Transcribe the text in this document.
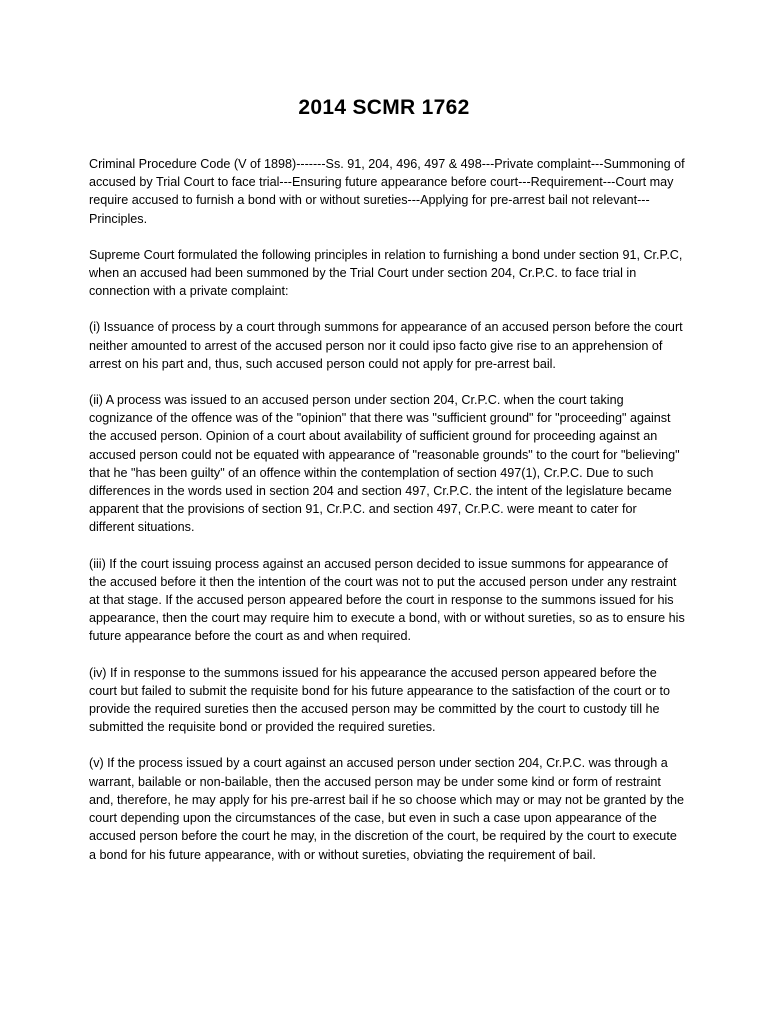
2014 SCMR 1762

Criminal Procedure Code (V of 1898)-------Ss. 91, 204, 496, 497 & 498---Private complaint---Summoning of accused by Trial Court to face trial---Ensuring future appearance before court---Requirement---Court may require accused to furnish a bond with or without sureties---Applying for pre-arrest bail not relevant---Principles.

Supreme Court formulated the following principles in relation to furnishing a bond under section 91, Cr.P.C, when an accused had been summoned by the Trial Court under section 204, Cr.P.C. to face trial in connection with a private complaint:

(i) Issuance of process by a court through summons for appearance of an accused person before the court neither amounted to arrest of the accused person nor it could ipso facto give rise to an apprehension of arrest on his part and, thus, such accused person could not apply for pre-arrest bail.

(ii) A process was issued to an accused person under section 204, Cr.P.C. when the court taking cognizance of the offence was of the "opinion" that there was "sufficient ground" for "proceeding" against the accused person. Opinion of a court about availability of sufficient ground for proceeding against an accused person could not be equated with appearance of "reasonable grounds" to the court for "believing" that he "has been guilty" of an offence within the contemplation of section 497(1), Cr.P.C. Due to such differences in the words used in section 204 and section 497, Cr.P.C. the intent of the legislature became apparent that the provisions of section 91, Cr.P.C. and section 497, Cr.P.C. were meant to cater for different situations.

(iii) If the court issuing process against an accused person decided to issue summons for appearance of the accused before it then the intention of the court was not to put the accused person under any restraint at that stage. If the accused person appeared before the court in response to the summons issued for his appearance, then the court may require him to execute a bond, with or without sureties, so as to ensure his future appearance before the court as and when required.

(iv) If in response to the summons issued for his appearance the accused person appeared before the court but failed to submit the requisite bond for his future appearance to the satisfaction of the court or to provide the required sureties then the accused person may be committed by the court to custody till he submitted the requisite bond or provided the required sureties.

(v) If the process issued by a court against an accused person under section 204, Cr.P.C. was through a warrant, bailable or non-bailable, then the accused person may be under some kind or form of restraint and, therefore, he may apply for his pre-arrest bail if he so choose which may or may not be granted by the court depending upon the circumstances of the case, but even in such a case upon appearance of the accused person before the court he may, in the discretion of the court, be required by the court to execute a bond for his future appearance, with or without sureties, obviating the requirement of bail.
